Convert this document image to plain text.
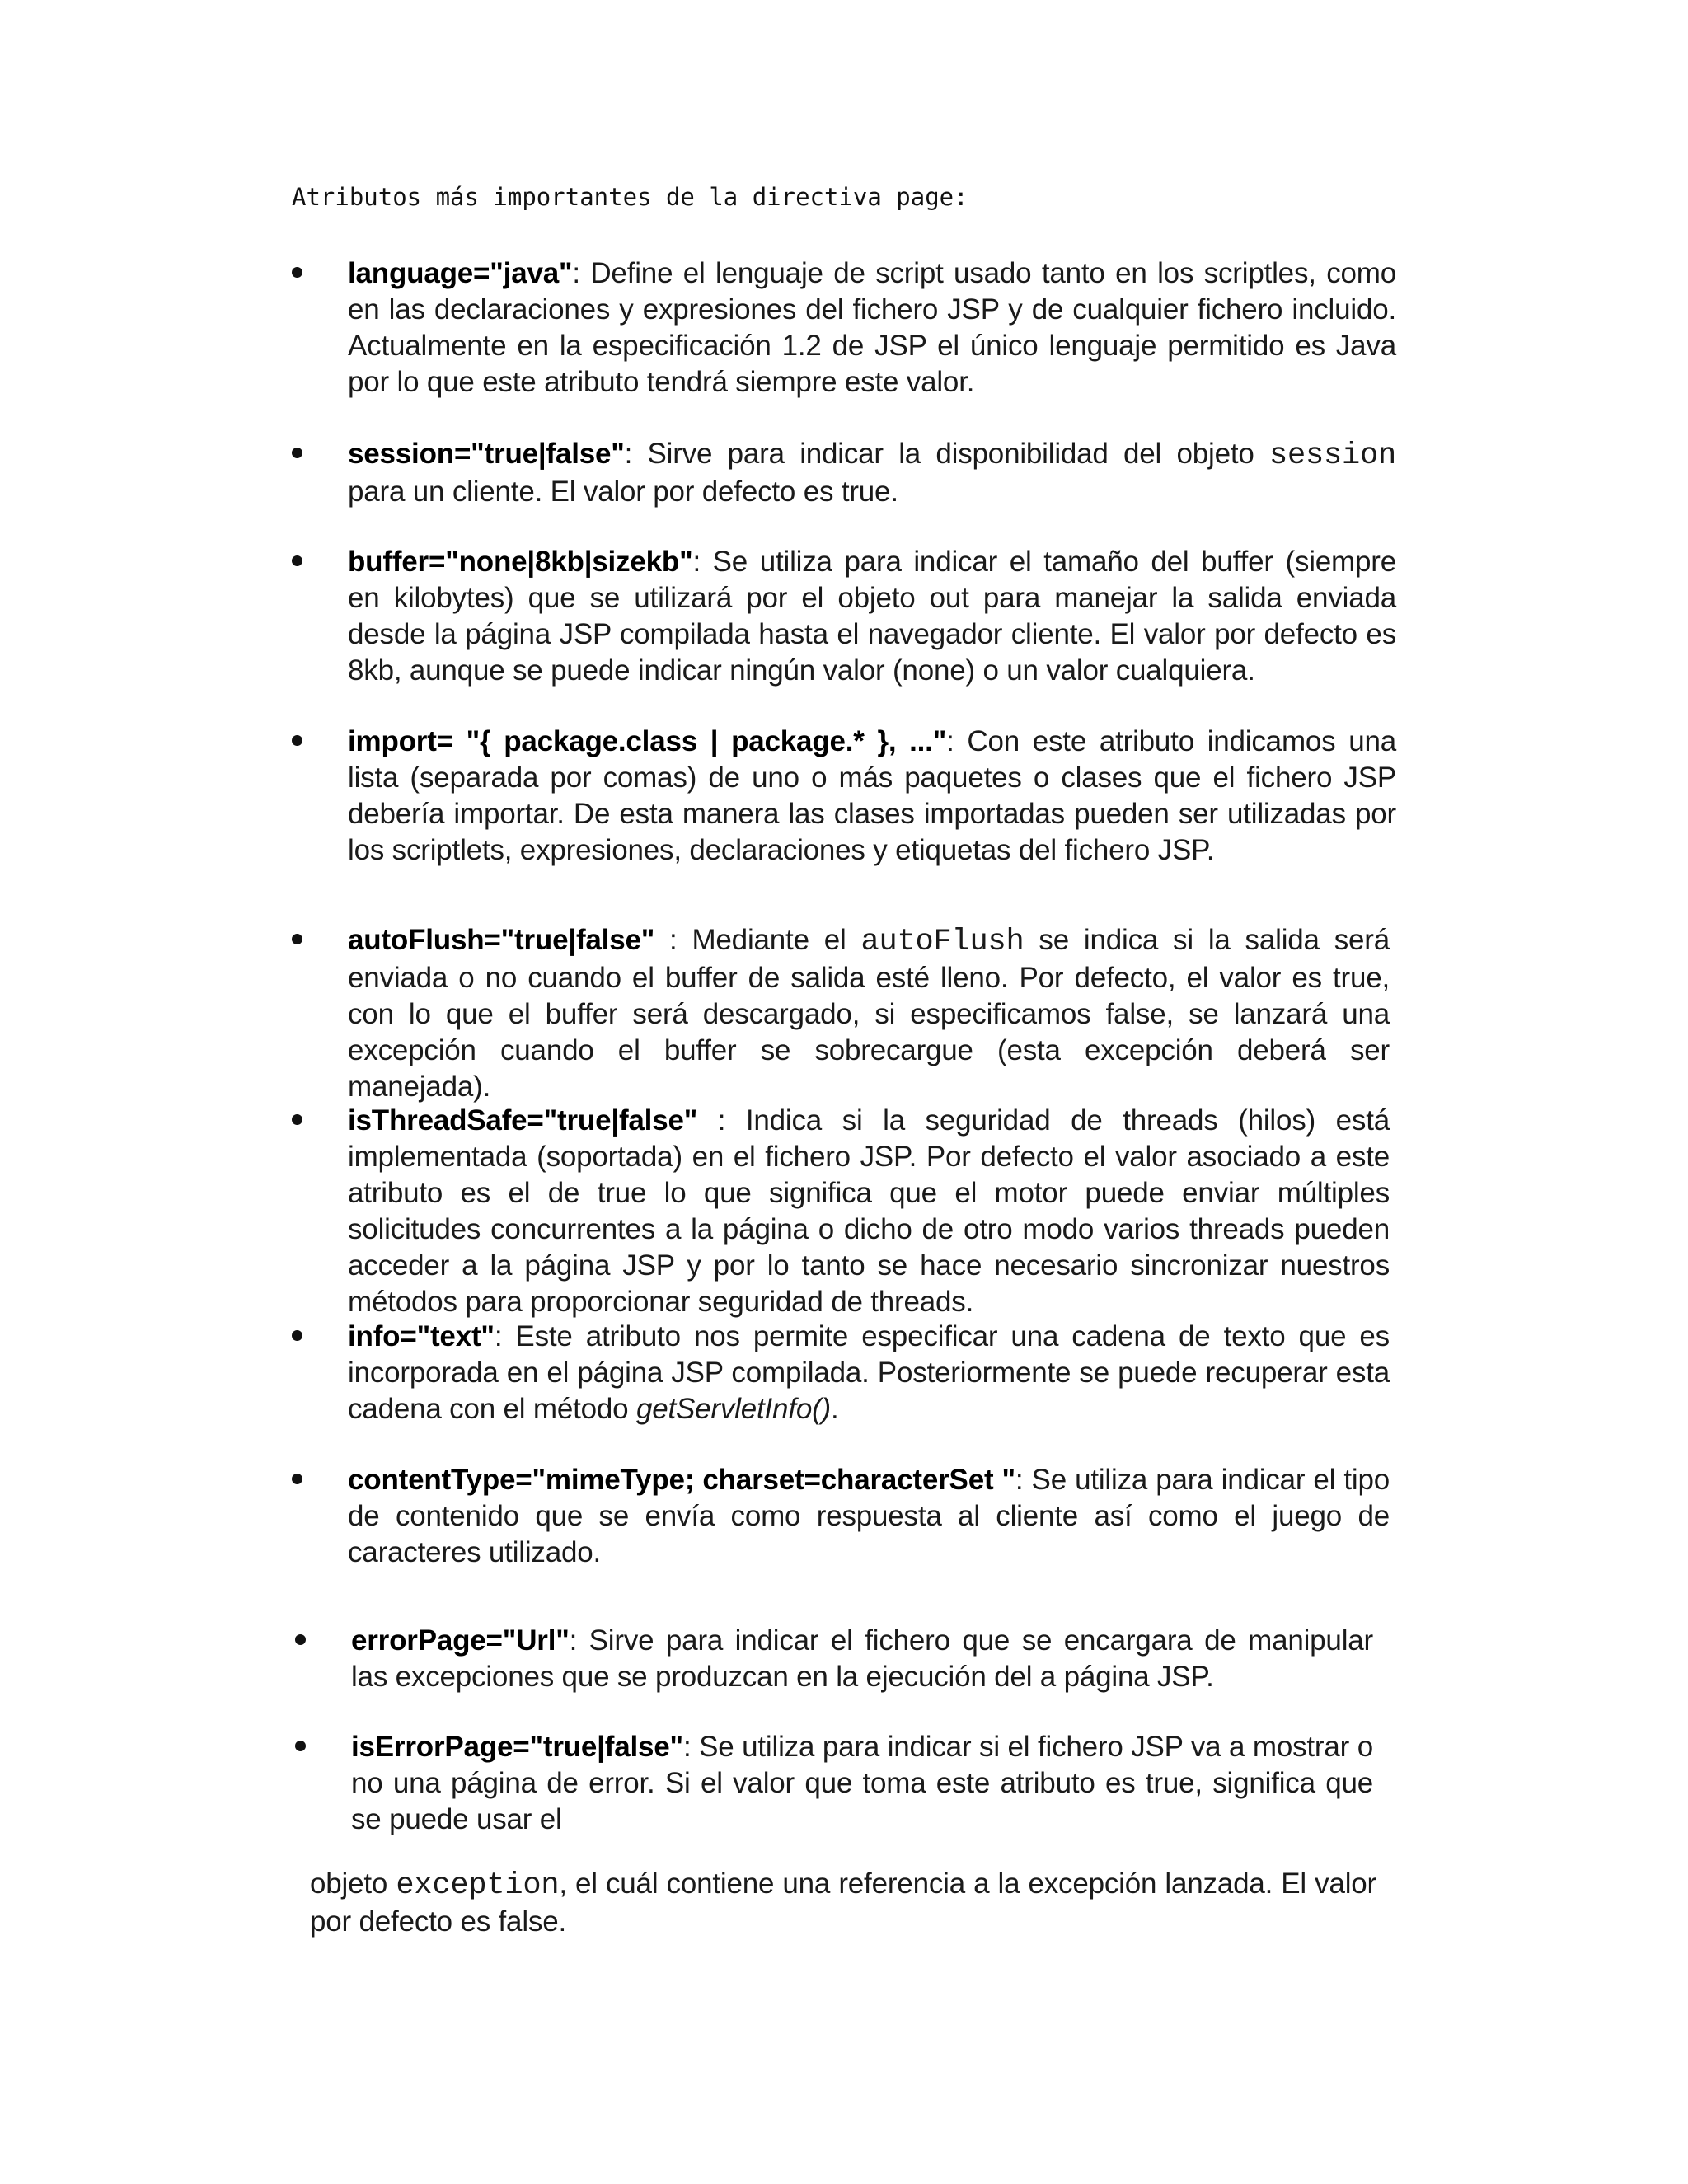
Atributos más importantes de la directiva page:
language="java": Define el lenguaje de script usado tanto en los scriptles, como en las declaraciones y expresiones del fichero JSP y de cualquier fichero incluido. Actualmente en la especificación 1.2 de JSP el único lenguaje permitido es Java por lo que este atributo tendrá siempre este valor.
session="true|false": Sirve para indicar la disponibilidad del objeto session para un cliente. El valor por defecto es true.
buffer="none|8kb|sizekb": Se utiliza para indicar el tamaño del buffer (siempre en kilobytes) que se utilizará por el objeto out para manejar la salida enviada desde la página JSP compilada hasta el navegador cliente. El valor por defecto es 8kb, aunque se puede indicar ningún valor (none) o un valor cualquiera.
import= "{ package.class | package.* }, ...": Con este atributo indicamos una lista (separada por comas) de uno o más paquetes o clases que el fichero JSP debería importar. De esta manera las clases importadas pueden ser utilizadas por los scriptlets, expresiones, declaraciones y etiquetas del fichero JSP.
autoFlush="true|false" : Mediante el autoFlush se indica si la salida será enviada o no cuando el buffer de salida esté lleno. Por defecto, el valor es true, con lo que el buffer será descargado, si especificamos false, se lanzará una excepción cuando el buffer se sobrecargue (esta excepción deberá ser manejada).
isThreadSafe="true|false" : Indica si la seguridad de threads (hilos) está implementada (soportada) en el fichero JSP. Por defecto el valor asociado a este atributo es el de true lo que significa que el motor puede enviar múltiples solicitudes concurrentes a la página o dicho de otro modo varios threads pueden acceder a la página JSP y por lo tanto se hace necesario sincronizar nuestros métodos para proporcionar seguridad de threads.
info="text": Este atributo nos permite especificar una cadena de texto que es incorporada en el página JSP compilada. Posteriormente se puede recuperar esta cadena con el método getServletInfo().
contentType="mimeType; charset=characterSet ": Se utiliza para indicar el tipo de contenido que se envía como respuesta al cliente así como el juego de caracteres utilizado.
errorPage="Url": Sirve para indicar el fichero que se encargara de manipular las excepciones que se produzcan en la ejecución del a página JSP.
isErrorPage="true|false": Se utiliza para indicar si el fichero JSP va a mostrar o no una página de error. Si el valor que toma este atributo es true, significa que se puede usar el
objeto exception, el cuál contiene una referencia a la excepción lanzada. El valor por defecto es false.
